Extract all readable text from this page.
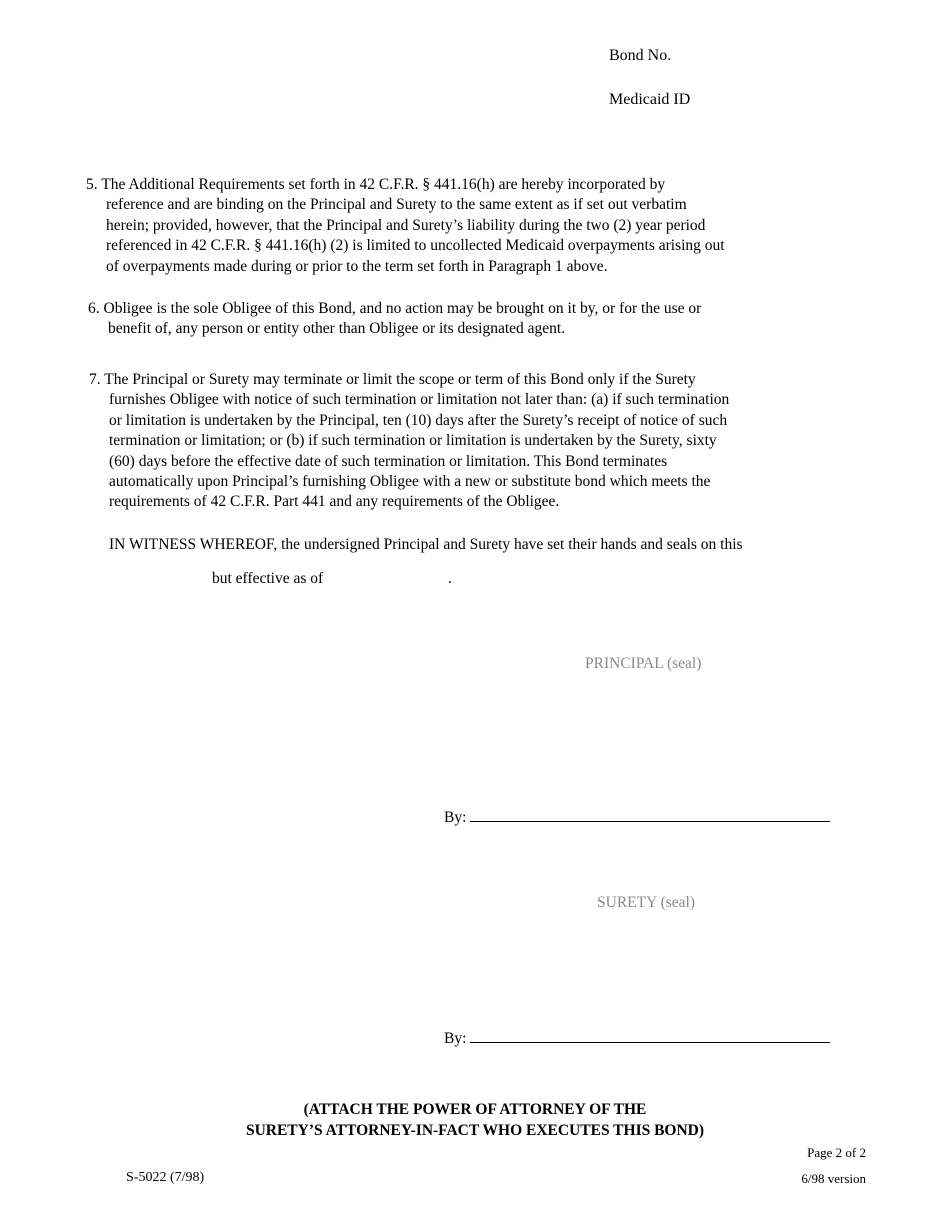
Bond No.
Medicaid ID
5. The Additional Requirements set forth in 42 C.F.R. § 441.16(h) are hereby incorporated by
reference and are binding on the Principal and Surety to the same extent as if set out verbatim
herein; provided, however, that the Principal and Surety’s liability during the two (2) year period
referenced in 42 C.F.R. § 441.16(h) (2) is limited to uncollected Medicaid overpayments arising out
of overpayments made during or prior to the term set forth in Paragraph 1 above.
6. Obligee is the sole Obligee of this Bond, and no action may be brought on it by, or for the use or
benefit of, any person or entity other than Obligee or its designated agent.
7. The Principal or Surety may terminate or limit the scope or term of this Bond only if the Surety
furnishes Obligee with notice of such termination or limitation not later than: (a) if such termination
or limitation is undertaken by the Principal, ten (10) days after the Surety’s receipt of notice of such
termination or limitation; or (b) if such termination or limitation is undertaken by the Surety, sixty
(60) days before the effective date of such termination or limitation. This Bond terminates
automatically upon Principal’s furnishing Obligee with a new or substitute bond which meets the
requirements of 42 C.F.R. Part 441 and any requirements of the Obligee.
IN WITNESS WHEREOF, the undersigned Principal and Surety have set their hands and seals on this
but effective as of	.
PRINCIPAL (seal)
By:
SURETY (seal)
By:
(ATTACH THE POWER OF ATTORNEY OF THE
SURETY’S ATTORNEY-IN-FACT WHO EXECUTES THIS BOND)
Page 2 of 2
S-5022 (7/98)	6/98 version
